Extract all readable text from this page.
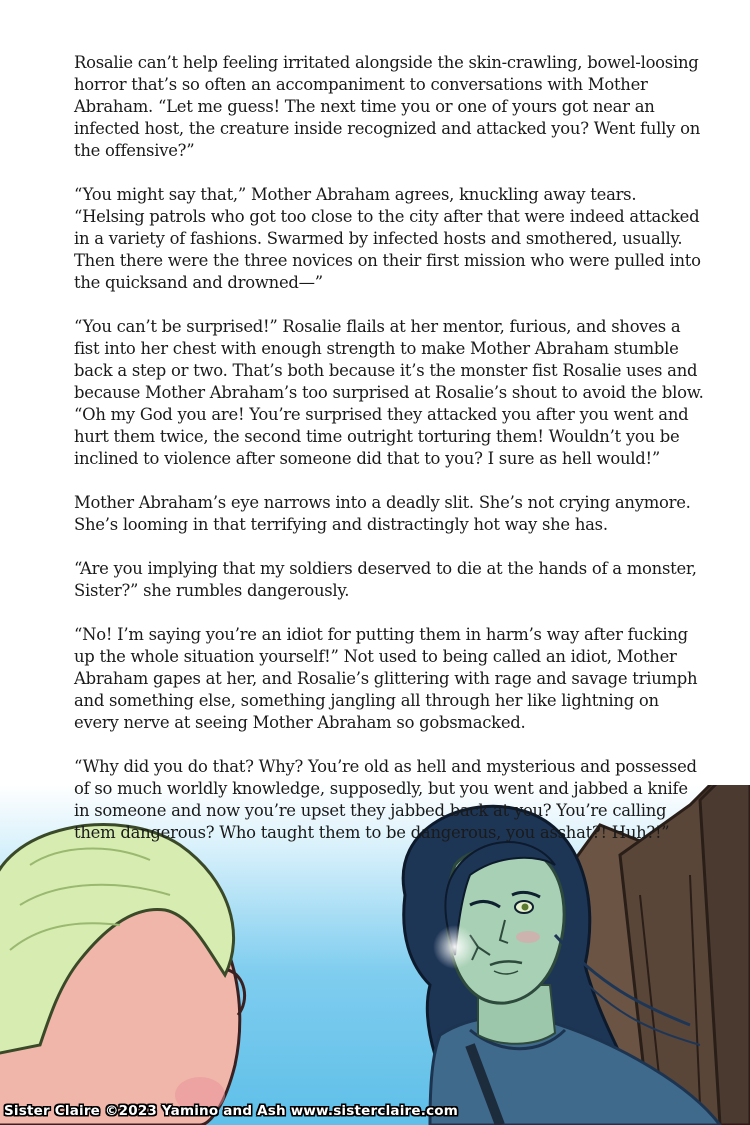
Rosalie can’t help feeling irritated alongside the skin-crawling, bowel-loosing horror that’s so often an accompaniment to conversations with Mother Abraham. “Let me guess! The next time you or one of yours got near an infected host, the creature inside recognized and attacked you? Went fully on the offensive?”

“You might say that,” Mother Abraham agrees, knuckling away tears. “Helsing patrols who got too close to the city after that were indeed attacked in a variety of fashions. Swarmed by infected hosts and smothered, usually. Then there were the three novices on their first mission who were pulled into the quicksand and drowned—”

“You can’t be surprised!” Rosalie flails at her mentor, furious, and shoves a fist into her chest with enough strength to make Mother Abraham stumble back a step or two. That’s both because it’s the monster fist Rosalie uses and because Mother Abraham’s too surprised at Rosalie’s shout to avoid the blow. “Oh my God you are! You’re surprised they attacked you after you went and hurt them twice, the second time outright torturing them! Wouldn’t you be inclined to violence after someone did that to you? I sure as hell would!”

Mother Abraham’s eye narrows into a deadly slit. She’s not crying anymore. She’s looming in that terrifying and distractingly hot way she has.

“Are you implying that my soldiers deserved to die at the hands of a monster, Sister?” she rumbles dangerously.

“No! I’m saying you’re an idiot for putting them in harm’s way after fucking up the whole situation yourself!” Not used to being called an idiot, Mother Abraham gapes at her, and Rosalie’s glittering with rage and savage triumph and something else, something jangling all through her like lightning on every nerve at seeing Mother Abraham so gobsmacked.

“Why did you do that? Why? You’re old as hell and mysterious and possessed of so much worldly knowledge, supposedly, but you went and jabbed a knife in someone and now you’re upset they jabbed back at you? You’re calling them dangerous? Who taught them to be dangerous, you asshat?! Huh?!”

Sister Claire ©2023 Yamino and Ash www.sisterclaire.com
